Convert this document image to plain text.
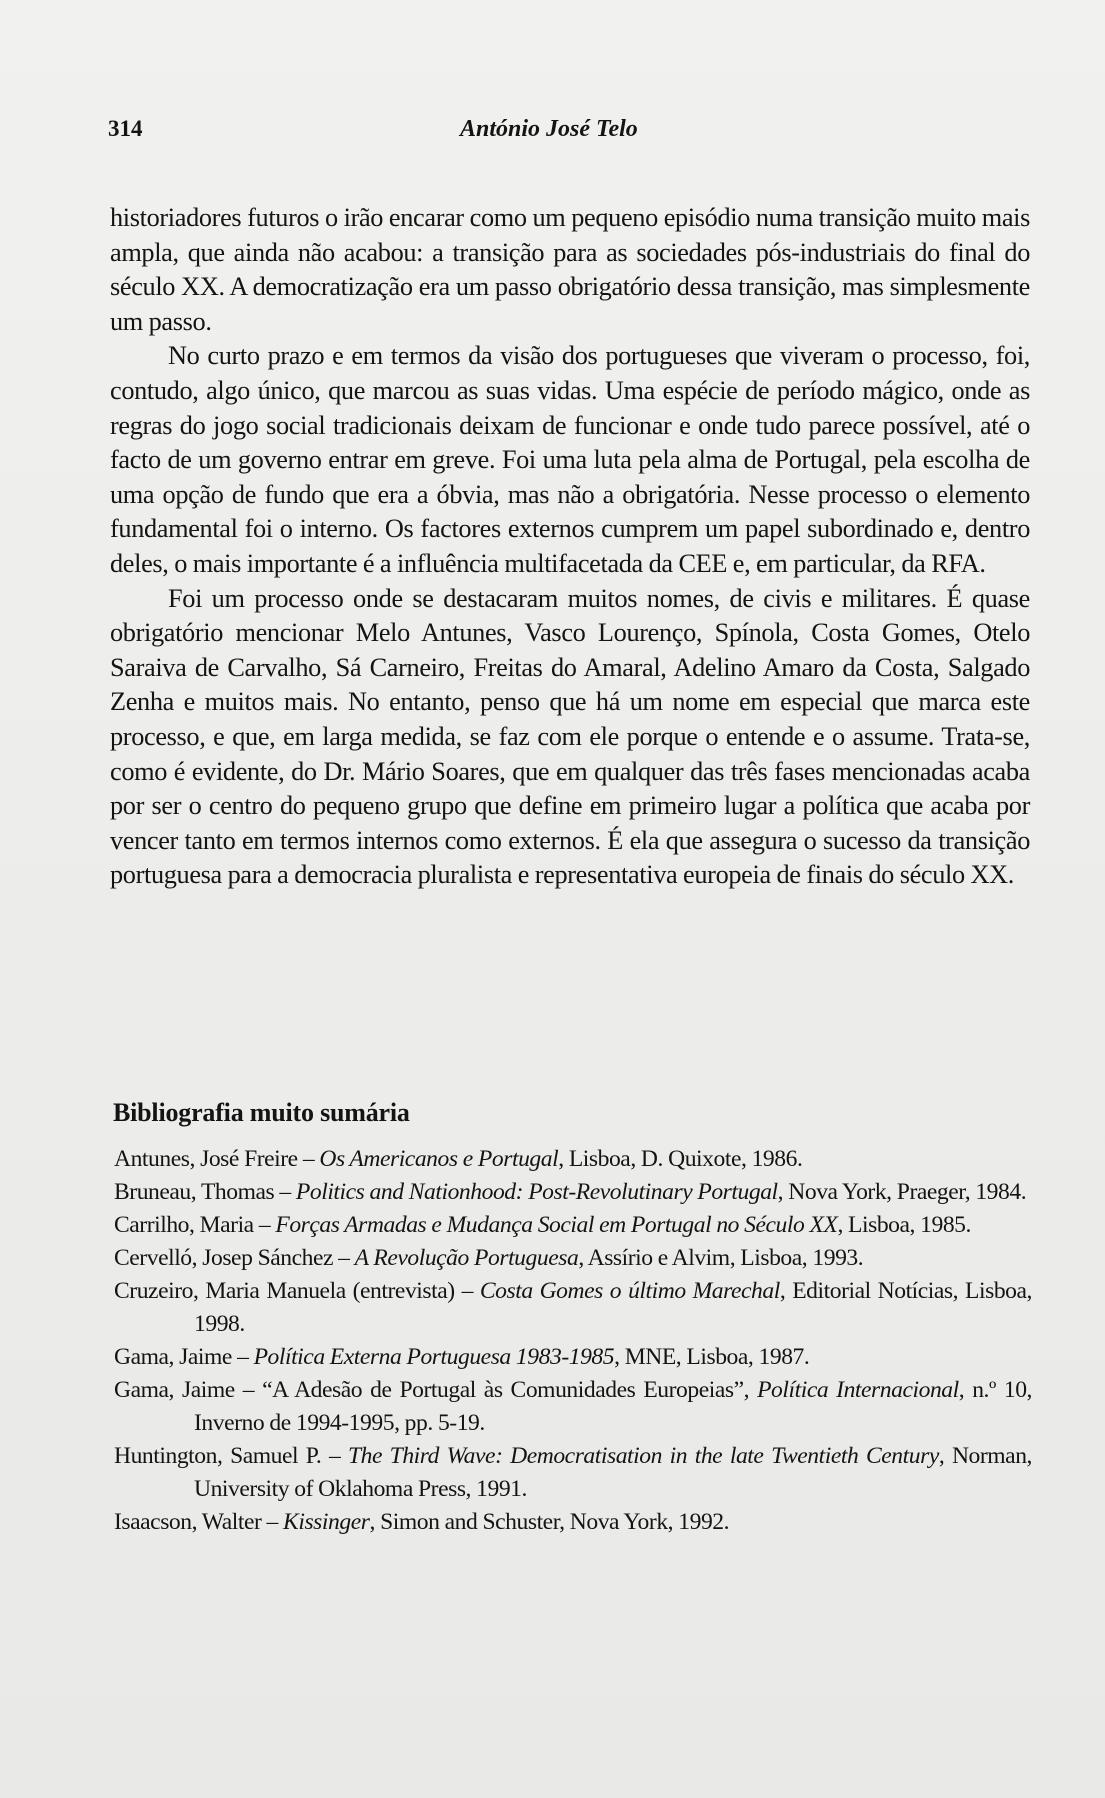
314	António José Telo

historiadores futuros o irão encarar como um pequeno episódio numa transição muito mais ampla, que ainda não acabou: a transição para as sociedades pós-industriais do final do século XX. A democratização era um passo obrigatório dessa transição, mas simplesmente um passo.

No curto prazo e em termos da visão dos portugueses que viveram o processo, foi, contudo, algo único, que marcou as suas vidas. Uma espécie de período mágico, onde as regras do jogo social tradicionais deixam de funcionar e onde tudo parece possível, até o facto de um governo entrar em greve. Foi uma luta pela alma de Portugal, pela escolha de uma opção de fundo que era a óbvia, mas não a obrigatória. Nesse processo o elemento fundamental foi o interno. Os factores externos cumprem um papel subordinado e, dentro deles, o mais importante é a influência multifacetada da CEE e, em particular, da RFA.

Foi um processo onde se destacaram muitos nomes, de civis e militares. É quase obrigatório mencionar Melo Antunes, Vasco Lourenço, Spínola, Costa Gomes, Otelo Saraiva de Carvalho, Sá Carneiro, Freitas do Amaral, Adelino Amaro da Costa, Salgado Zenha e muitos mais. No entanto, penso que há um nome em especial que marca este processo, e que, em larga medida, se faz com ele porque o entende e o assume. Trata-se, como é evidente, do Dr. Mário Soares, que em qualquer das três fases mencionadas acaba por ser o centro do pequeno grupo que define em primeiro lugar a política que acaba por vencer tanto em termos internos como externos. É ela que assegura o sucesso da transição portuguesa para a democracia pluralista e representativa europeia de finais do século XX.

Bibliografia muito sumária
Antunes, José Freire – Os Americanos e Portugal, Lisboa, D. Quixote, 1986.
Bruneau, Thomas – Politics and Nationhood: Post-Revolutinary Portugal, Nova York, Praeger, 1984.
Carrilho, Maria – Forças Armadas e Mudança Social em Portugal no Século XX, Lisboa, 1985.
Cervelló, Josep Sánchez – A Revolução Portuguesa, Assírio e Alvim, Lisboa, 1993.
Cruzeiro, Maria Manuela (entrevista) – Costa Gomes o último Marechal, Editorial Notícias, Lisboa, 1998.
Gama, Jaime – Política Externa Portuguesa 1983-1985, MNE, Lisboa, 1987.
Gama, Jaime – “A Adesão de Portugal às Comunidades Europeias”, Política Internacional, n.º 10, Inverno de 1994-1995, pp. 5-19.
Huntington, Samuel P. – The Third Wave: Democratisation in the late Twentieth Century, Norman, University of Oklahoma Press, 1991.
Isaacson, Walter – Kissinger, Simon and Schuster, Nova York, 1992.
